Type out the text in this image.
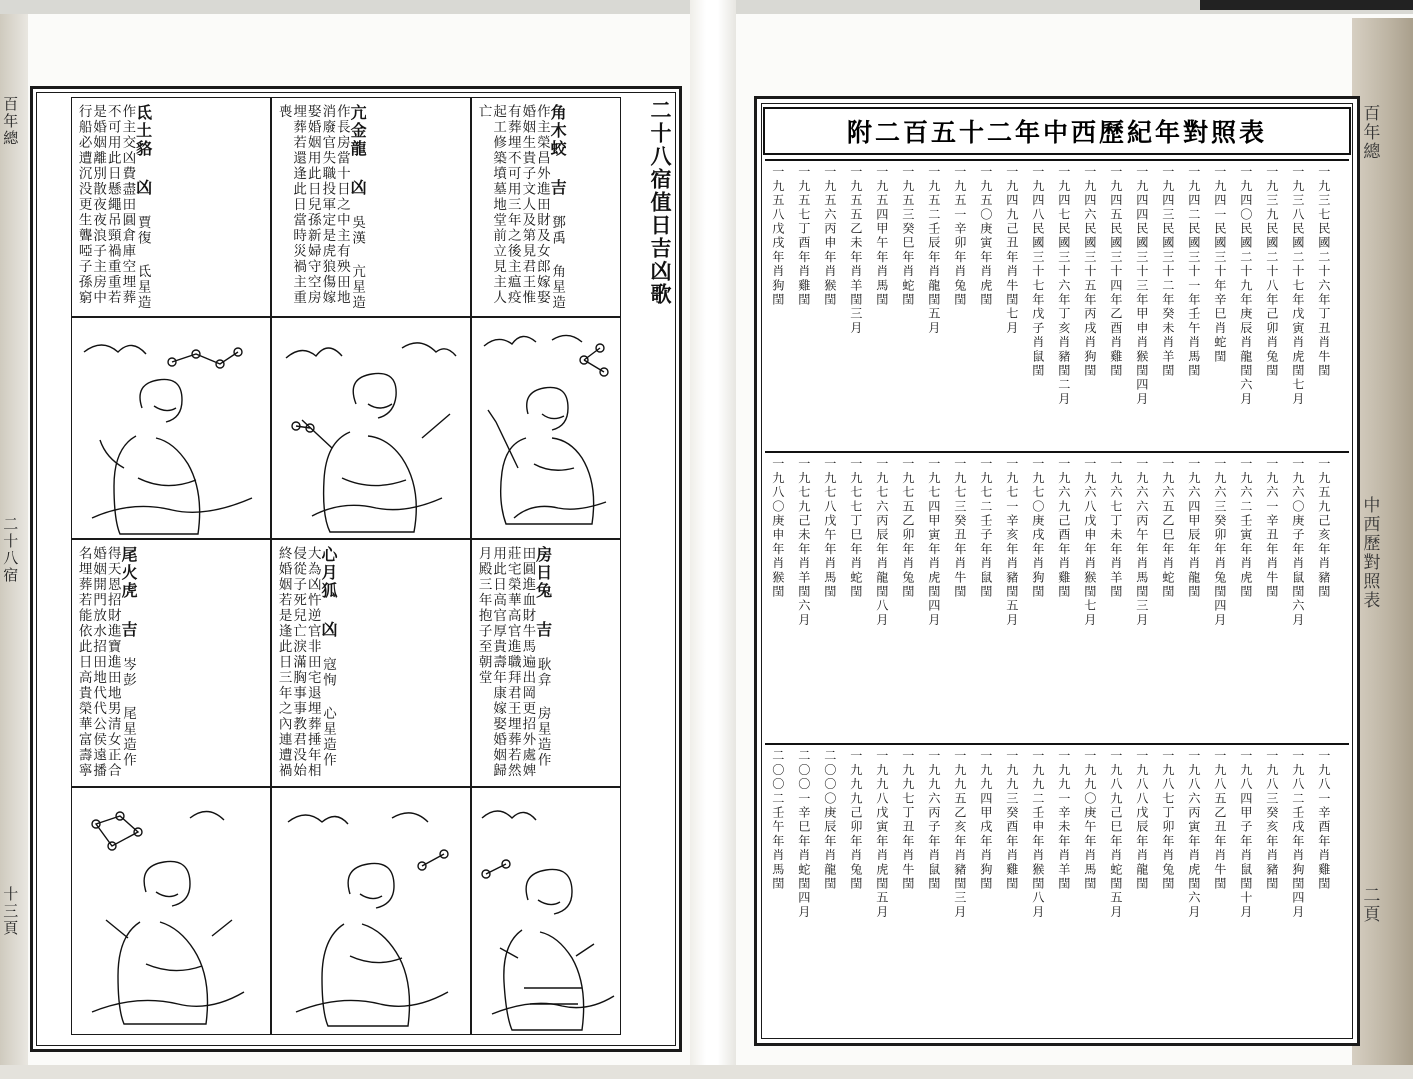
百年總
二十八宿
十三頁
二十八宿值日吉凶歌
角木蛟 吉 鄧禹 角星造作主榮昌外進田財及女郎嫁娶婚姻生貴子文人及第見君王惟有葬埋不可用三年之後主瘟疫起工修築墳墓地堂前立見主人亡
亢金龍 凶 吳漢 亢星造作長房當十日之中主有殃田地消廢官失職投軍定是虎狼傷嫁娶婚姻用此日兒孫新婦守空房埋葬若還逢此日當時災禍主重喪
氐土貉 凶 賈復 氐星造作主交凶費盡田圓倉庫空埋葬不可用此日懸繩吊頸禍重重若是婚姻離別散夜夜浪子主房中行船必遭沉没更生聾啞子孫窮
房日兔 吉 耿弇 房星造作田圓進血財牛馬遍出岡更招外處婢莊宅榮華高官進職拜君王埋葬若然用此日高官厚貴壽年康嫁娶婚姻歸月殿三年抱子至朝堂
心月狐 凶 寇恂 心星造作大為凶忤逆官非田宅退埋葬捶年相侵從子死兒亡淚滿胸事事教君没始終婚姻若是逢此日三年之內連遭禍
尾火虎 吉 岑彭 尾星造作得天恩招財進寶進田地男清女正合婚姻開門放水招田地代代公侯遠播名埋葬若能依此日高貴榮華富壽寧
附二百五十二年中西歷紀年對照表
一九三七民國二十六年丁丑肖牛閏
一九三八民國二十七年戊寅肖虎閏七月
一九三九民國二十八年己卯肖兔閏
一九四〇民國二十九年庚辰肖龍閏六月
一九四一民國三十年辛巳肖蛇閏
一九四二民國三十一年壬午肖馬閏
一九四三民國三十二年癸未肖羊閏
一九四四民國三十三年甲申肖猴閏四月
一九四五民國三十四年乙酉肖雞閏
一九四六民國三十五年丙戌肖狗閏
一九四七民國三十六年丁亥肖豬閏二月
一九四八民國三十七年戊子肖鼠閏
一九四九己丑年肖牛閏七月
一九五〇庚寅年肖虎閏
一九五一辛卯年肖兔閏
一九五二壬辰年肖龍閏五月
一九五三癸巳年肖蛇閏
一九五四甲午年肖馬閏
一九五五乙未年肖羊閏三月
一九五六丙申年肖猴閏
一九五七丁酉年肖雞閏
一九五八戊戌年肖狗閏
一九五九己亥年肖豬閏
一九六〇庚子年肖鼠閏六月
一九六一辛丑年肖牛閏
一九六二壬寅年肖虎閏
一九六三癸卯年肖兔閏四月
一九六四甲辰年肖龍閏
一九六五乙巳年肖蛇閏
一九六六丙午年肖馬閏三月
一九六七丁未年肖羊閏
一九六八戊申年肖猴閏七月
一九六九己酉年肖雞閏
一九七〇庚戌年肖狗閏
一九七一辛亥年肖豬閏五月
一九七二壬子年肖鼠閏
一九七三癸丑年肖牛閏
一九七四甲寅年肖虎閏四月
一九七五乙卯年肖兔閏
一九七六丙辰年肖龍閏八月
一九七七丁巳年肖蛇閏
一九七八戊午年肖馬閏
一九七九己未年肖羊閏六月
一九八〇庚申年肖猴閏
一九八一辛酉年肖雞閏
一九八二壬戌年肖狗閏四月
一九八三癸亥年肖豬閏
一九八四甲子年肖鼠閏十月
一九八五乙丑年肖牛閏
一九八六丙寅年肖虎閏六月
一九八七丁卯年肖兔閏
一九八八戊辰年肖龍閏
一九八九己巳年肖蛇閏五月
一九九〇庚午年肖馬閏
一九九一辛未年肖羊閏
一九九二壬申年肖猴閏八月
一九九三癸酉年肖雞閏
一九九四甲戌年肖狗閏
一九九五乙亥年肖豬閏三月
一九九六丙子年肖鼠閏
一九九七丁丑年肖牛閏
一九九八戊寅年肖虎閏五月
一九九九己卯年肖兔閏
二〇〇〇庚辰年肖龍閏
二〇〇一辛巳年肖蛇閏四月
二〇〇二壬午年肖馬閏
百年總
中西歷對照表
二頁
